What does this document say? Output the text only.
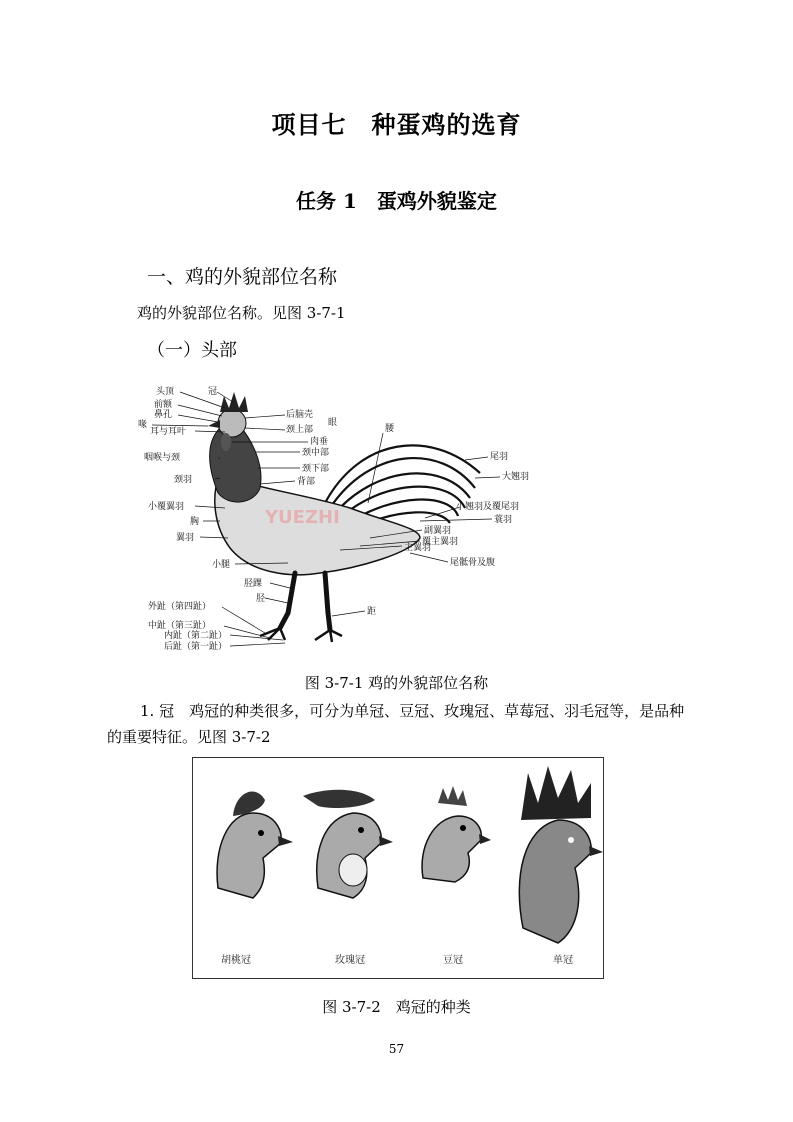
项目七　种蛋鸡的选育
任务 1　蛋鸡外貌鉴定
一、鸡的外貌部位名称
鸡的外貌部位名称。见图 3-7-1
（一）头部
YUEZHI
头顶	冠
前额
鼻孔
喙
耳与耳叶
后脑壳
眼
颈上部
肉垂
咽喉与颈	颈中部
颈下部
颈羽	背部
腰
尾羽
大翘羽
小翘羽及覆尾羽
蓑羽
小覆翼羽
胸
翼羽
副翼羽
覆主翼羽
主翼羽
尾骶骨及腹
小腿
胫踝
胫
距
外趾（第四趾）
中趾（第三趾）
内趾（第二趾）
后趾（第一趾）
图 3-7-1 鸡的外貌部位名称
1. 冠　鸡冠的种类很多，可分为单冠、豆冠、玫瑰冠、草莓冠、羽毛冠等，是品种的重要特征。见图 3-7-2
胡桃冠	玫瑰冠	豆冠	单冠
图 3-7-2　鸡冠的种类
57
